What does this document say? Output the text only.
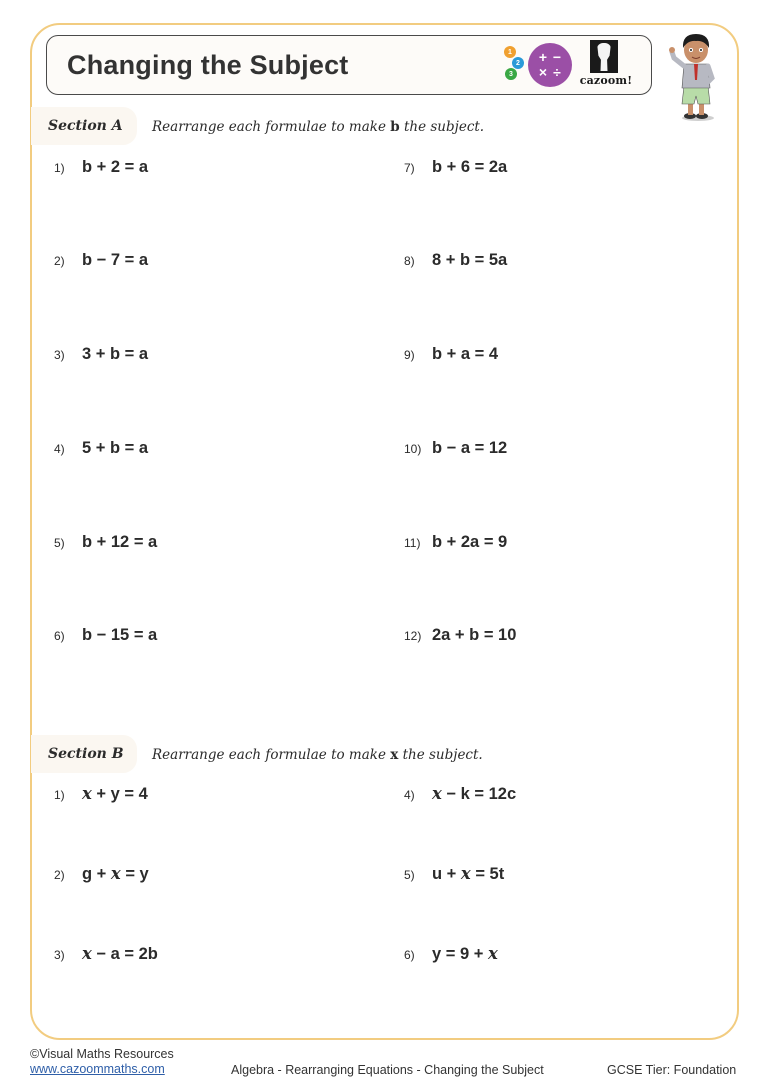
Changing the Subject	1
2
3
+ −
× ÷
cazoom!
Section A Rearrange each formulae to make b the subject.
1)	b + 2 = a
2)	b − 7 = a
3)	3 + b = a
4)	5 + b = a
5)	b + 12 = a
6)	b − 15 = a
7)	b + 6 = 2a
8)	8 + b = 5a
9)	b + a = 4
10) b − a = 12
11) b + 2a = 9
12) 2a + b = 10
Section B Rearrange each formulae to make x the subject.
1)	x + y = 4
2)	g + x = y
3)	x − a = 2b
4)	x − k = 12c
5)	u + x = 5t
6)	y = 9 + x
©Visual Maths Resources
www.cazoommaths.com	Algebra - Rearranging Equations - Changing the Subject	GCSE Tier: Foundation
